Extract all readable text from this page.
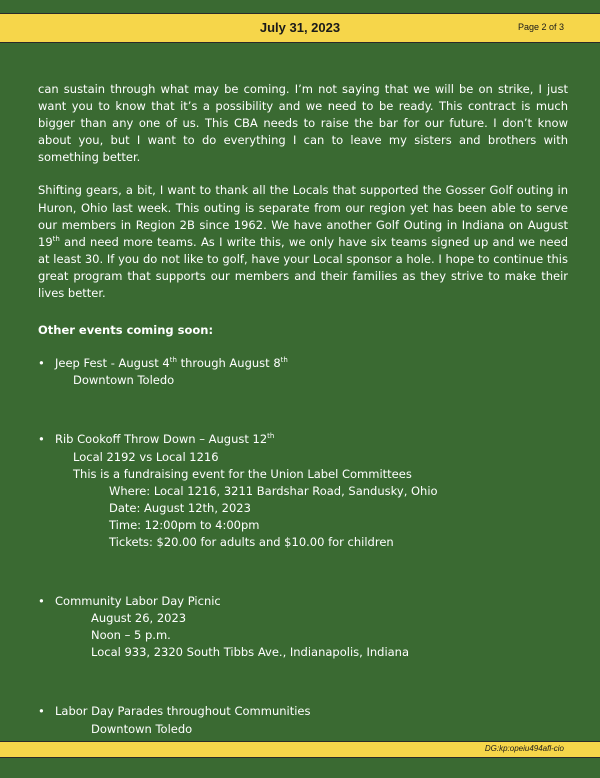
July 31, 2023	Page 2 of 3

can sustain through what may be coming. I’m not saying that we will be on strike, I just want you to know that it’s a possibility and we need to be ready. This contract is much bigger than any one of us. This CBA needs to raise the bar for our future. I don’t know about you, but I want to do everything I can to leave my sisters and brothers with something better.

Shifting gears, a bit, I want to thank all the Locals that supported the Gosser Golf outing in Huron, Ohio last week. This outing is separate from our region yet has been able to serve our members in Region 2B since 1962. We have another Golf Outing in Indiana on August 19th and need more teams. As I write this, we only have six teams signed up and we need at least 30. If you do not like to golf, have your Local sponsor a hole. I hope to continue this great program that supports our members and their families as they strive to make their lives better.

Other events coming soon:
• Jeep Fest - August 4th through August 8th
Downtown Toledo
• Rib Cookoff Throw Down – August 12th
Local 2192 vs Local 1216
This is a fundraising event for the Union Label Committees
Where: Local 1216, 3211 Bardshar Road, Sandusky, Ohio
Date: August 12th, 2023
Time: 12:00pm to 4:00pm
Tickets: $20.00 for adults and $10.00 for children
• Community Labor Day Picnic
August 26, 2023
Noon – 5 p.m.
Local 933, 2320 South Tibbs Ave., Indianapolis, Indiana
• Labor Day Parades throughout Communities
Downtown Toledo
DG:kp:opeiu494afl-cio
